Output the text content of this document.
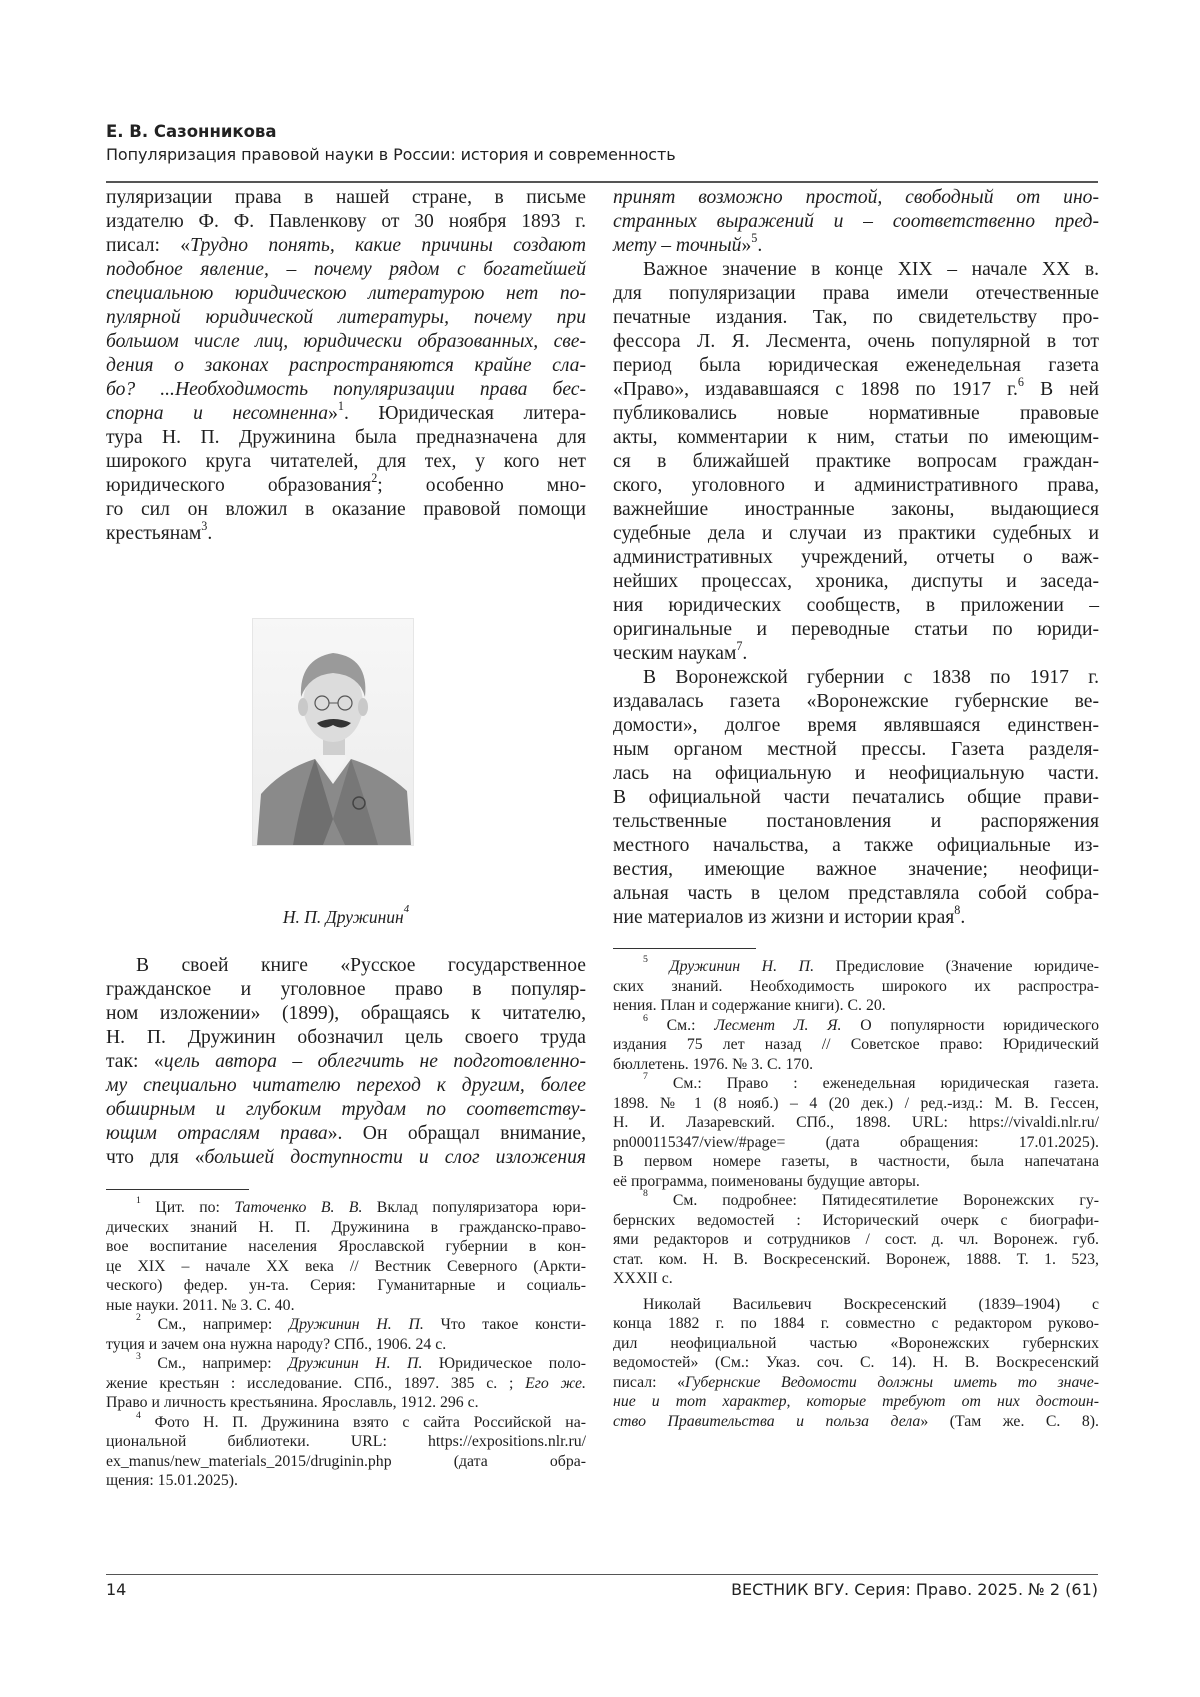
Е. В. Сазонникова
Популяризация правовой науки в России: история и современность
пуляризации права в нашей стране, в письме
издателю Ф. Ф. Павленкову от 30 ноября 1893 г.
писал: «Трудно понять, какие причины создают
подобное явление, – почему рядом с богатейшей
специальною юридическою литературою нет по-
пулярной юридической литературы, почему при
большом числе лиц, юридически образованных, све-
дения о законах распространяются крайне сла-
бо? ...Необходимость популяризации права бес-
спорна и несомненна»$^1$. Юридическая литера-
тура Н. П. Дружинина была предназначена для
широкого круга читателей, для тех, у кого нет
юридического образования$^2$; особенно мно-
го сил он вложил в оказание правовой помощи
крестьянам$^3$.
Н. П. Дружинин$^4$
В своей книге «Русское государственное
гражданское и уголовное право в популяр-
ном изложении» (1899), обращаясь к читателю,
Н. П. Дружинин обозначил цель своего труда
так: «цель автора – облегчить не подготовленно-
му специально читателю переход к другим, более
обширным и глубоким трудам по соответству-
ющим отраслям права». Он обращал внимание,
что для «большей доступности и слог изложения
$^1$ Цит. по: Таточенко В. В. Вклад популяризатора юри-
дических знаний Н. П. Дружинина в гражданско-право-
вое воспитание населения Ярославской губернии в кон-
це XIX – начале XX века // Вестник Северного (Аркти-
ческого) федер. ун-та. Серия: Гуманитарные и социаль-
ные науки. 2011. № 3. С. 40.
$^2$ См., например: Дружинин Н. П. Что такое консти-
туция и зачем она нужна народу? СПб., 1906. 24 с.
$^3$ См., например: Дружинин Н. П. Юридическое поло-
жение крестьян : исследование. СПб., 1897. 385 с. ; Его же.
Право и личность крестьянина. Ярославль, 1912. 296 с.
$^4$ Фото Н. П. Дружинина взято с сайта Российской на-
циональной библиотеки. URL: https://expositions.nlr.ru/
ex_manus/new_materials_2015/druginin.php (дата обра-
щения: 15.01.2025).
принят возможно простой, свободный от ино-
странных выражений и – соответственно пред-
мету – точный»$^5$.
Важное значение в конце XIX – начале XX в.
для популяризации права имели отечественные
печатные издания. Так, по свидетельству про-
фессора Л. Я. Лесмента, очень популярной в тот
период была юридическая еженедельная газета
«Право», издававшаяся с 1898 по 1917 г.$^6$ В ней
публиковались новые нормативные правовые
акты, комментарии к ним, статьи по имеющим-
ся в ближайшей практике вопросам граждан-
ского, уголовного и административного права,
важнейшие иностранные законы, выдающиеся
судебные дела и случаи из практики судебных и
административных учреждений, отчеты о важ-
нейших процессах, хроника, диспуты и заседа-
ния юридических сообществ, в приложении –
оригинальные и переводные статьи по юриди-
ческим наукам$^7$.
В Воронежской губернии с 1838 по 1917 г.
издавалась газета «Воронежские губернские ве-
домости», долгое время являвшаяся единствен-
ным органом местной прессы. Газета разделя-
лась на официальную и неофициальную части.
В официальной части печатались общие прави-
тельственные постановления и распоряжения
местного начальства, а также официальные из-
вестия, имеющие важное значение; неофици-
альная часть в целом представляла собой собра-
ние материалов из жизни и истории края$^8$.
$^5$ Дружинин Н. П. Предисловие (Значение юридиче-
ских знаний. Необходимость широкого их распростра-
нения. План и содержание книги). С. 20.
$^6$ См.: Лесмент Л. Я. О популярности юридического
издания 75 лет назад // Советское право: Юридический
бюллетень. 1976. № 3. С. 170.
$^7$ См.: Право : еженедельная юридическая газета.
1898. № 1 (8 нояб.) – 4 (20 дек.) / ред.-изд.: М. В. Гессен,
Н. И. Лазаревский. СПб., 1898. URL: https://vivaldi.nlr.ru/
pn000115347/view/#page= (дата обращения: 17.01.2025).
В первом номере газеты, в частности, была напечатана
её программа, поименованы будущие авторы.
$^8$ См. подробнее: Пятидесятилетие Воронежских гу-
бернских ведомостей : Исторический очерк с биографи-
ями редакторов и сотрудников / сост. д. чл. Воронеж. губ.
стат. ком. Н. В. Воскресенский. Воронеж, 1888. Т. 1. 523,
XXXII с.
Николай Васильевич Воскресенский (1839–1904) с
конца 1882 г. по 1884 г. совместно с редактором руково-
дил неофициальной частью «Воронежских губернских
ведомостей» (См.: Указ. соч. С. 14). Н. В. Воскресенский
писал: «Губернские Ведомости должны иметь то значе-
ние и тот характер, которые требуют от них достоин-
ство Правительства и польза дела» (Там же. С. 8).
14	ВЕСТНИК ВГУ. Серия: Право. 2025. № 2 (61)
